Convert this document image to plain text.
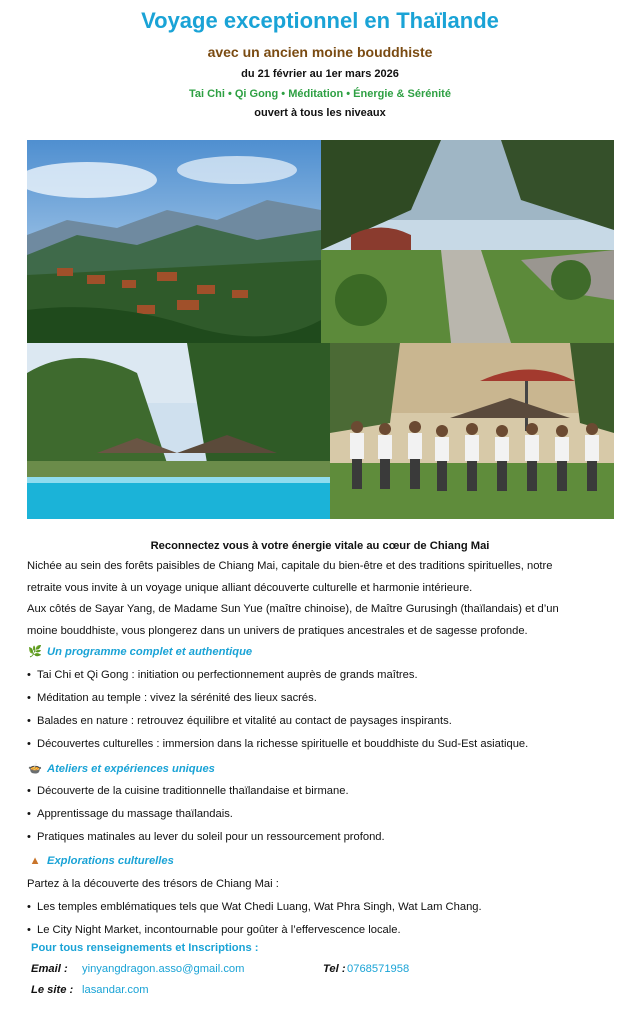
Voyage exceptionnel en Thaïlande
avec un ancien moine bouddhiste
du 21 février au 1er mars 2026
Tai Chi • Qi Gong • Méditation • Énergie & Sérénité
ouvert à tous les niveaux
Reconnectez vous à votre énergie vitale au cœur de Chiang Mai
Nichée au sein des forêts paisibles de Chiang Mai, capitale du bien-être et des traditions spirituelles, notre
retraite vous invite à un voyage unique alliant découverte culturelle et harmonie intérieure.
Aux côtés de Sayar Yang, de Madame Sun Yue (maître chinoise), de Maître Gurusingh (thaïlandais) et d’un
moine bouddhiste, vous plongerez dans un univers de pratiques ancestrales et de sagesse profonde.
🌿 Un programme complet et authentique
• Tai Chi et Qi Gong : initiation ou perfectionnement auprès de grands maîtres.
• Méditation au temple : vivez la sérénité des lieux sacrés.
• Balades en nature : retrouvez équilibre et vitalité au contact de paysages inspirants.
• Découvertes culturelles : immersion dans la richesse spirituelle et bouddhiste du Sud-Est asiatique.
🍲 Ateliers et expériences uniques
• Découverte de la cuisine traditionnelle thaïlandaise et birmane.
• Apprentissage du massage thaïlandais.
• Pratiques matinales au lever du soleil pour un ressourcement profond.
▲ Explorations culturelles
Partez à la découverte des trésors de Chiang Mai :
• Les temples emblématiques tels que Wat Chedi Luang, Wat Phra Singh, Wat Lam Chang.
• Le City Night Market, incontournable pour goûter à l’effervescence locale.
Pour tous renseignements et Inscriptions :
Email : yinyangdragon.asso@gmail.com	Tel : 0768571958
Le site : lasandar.com
